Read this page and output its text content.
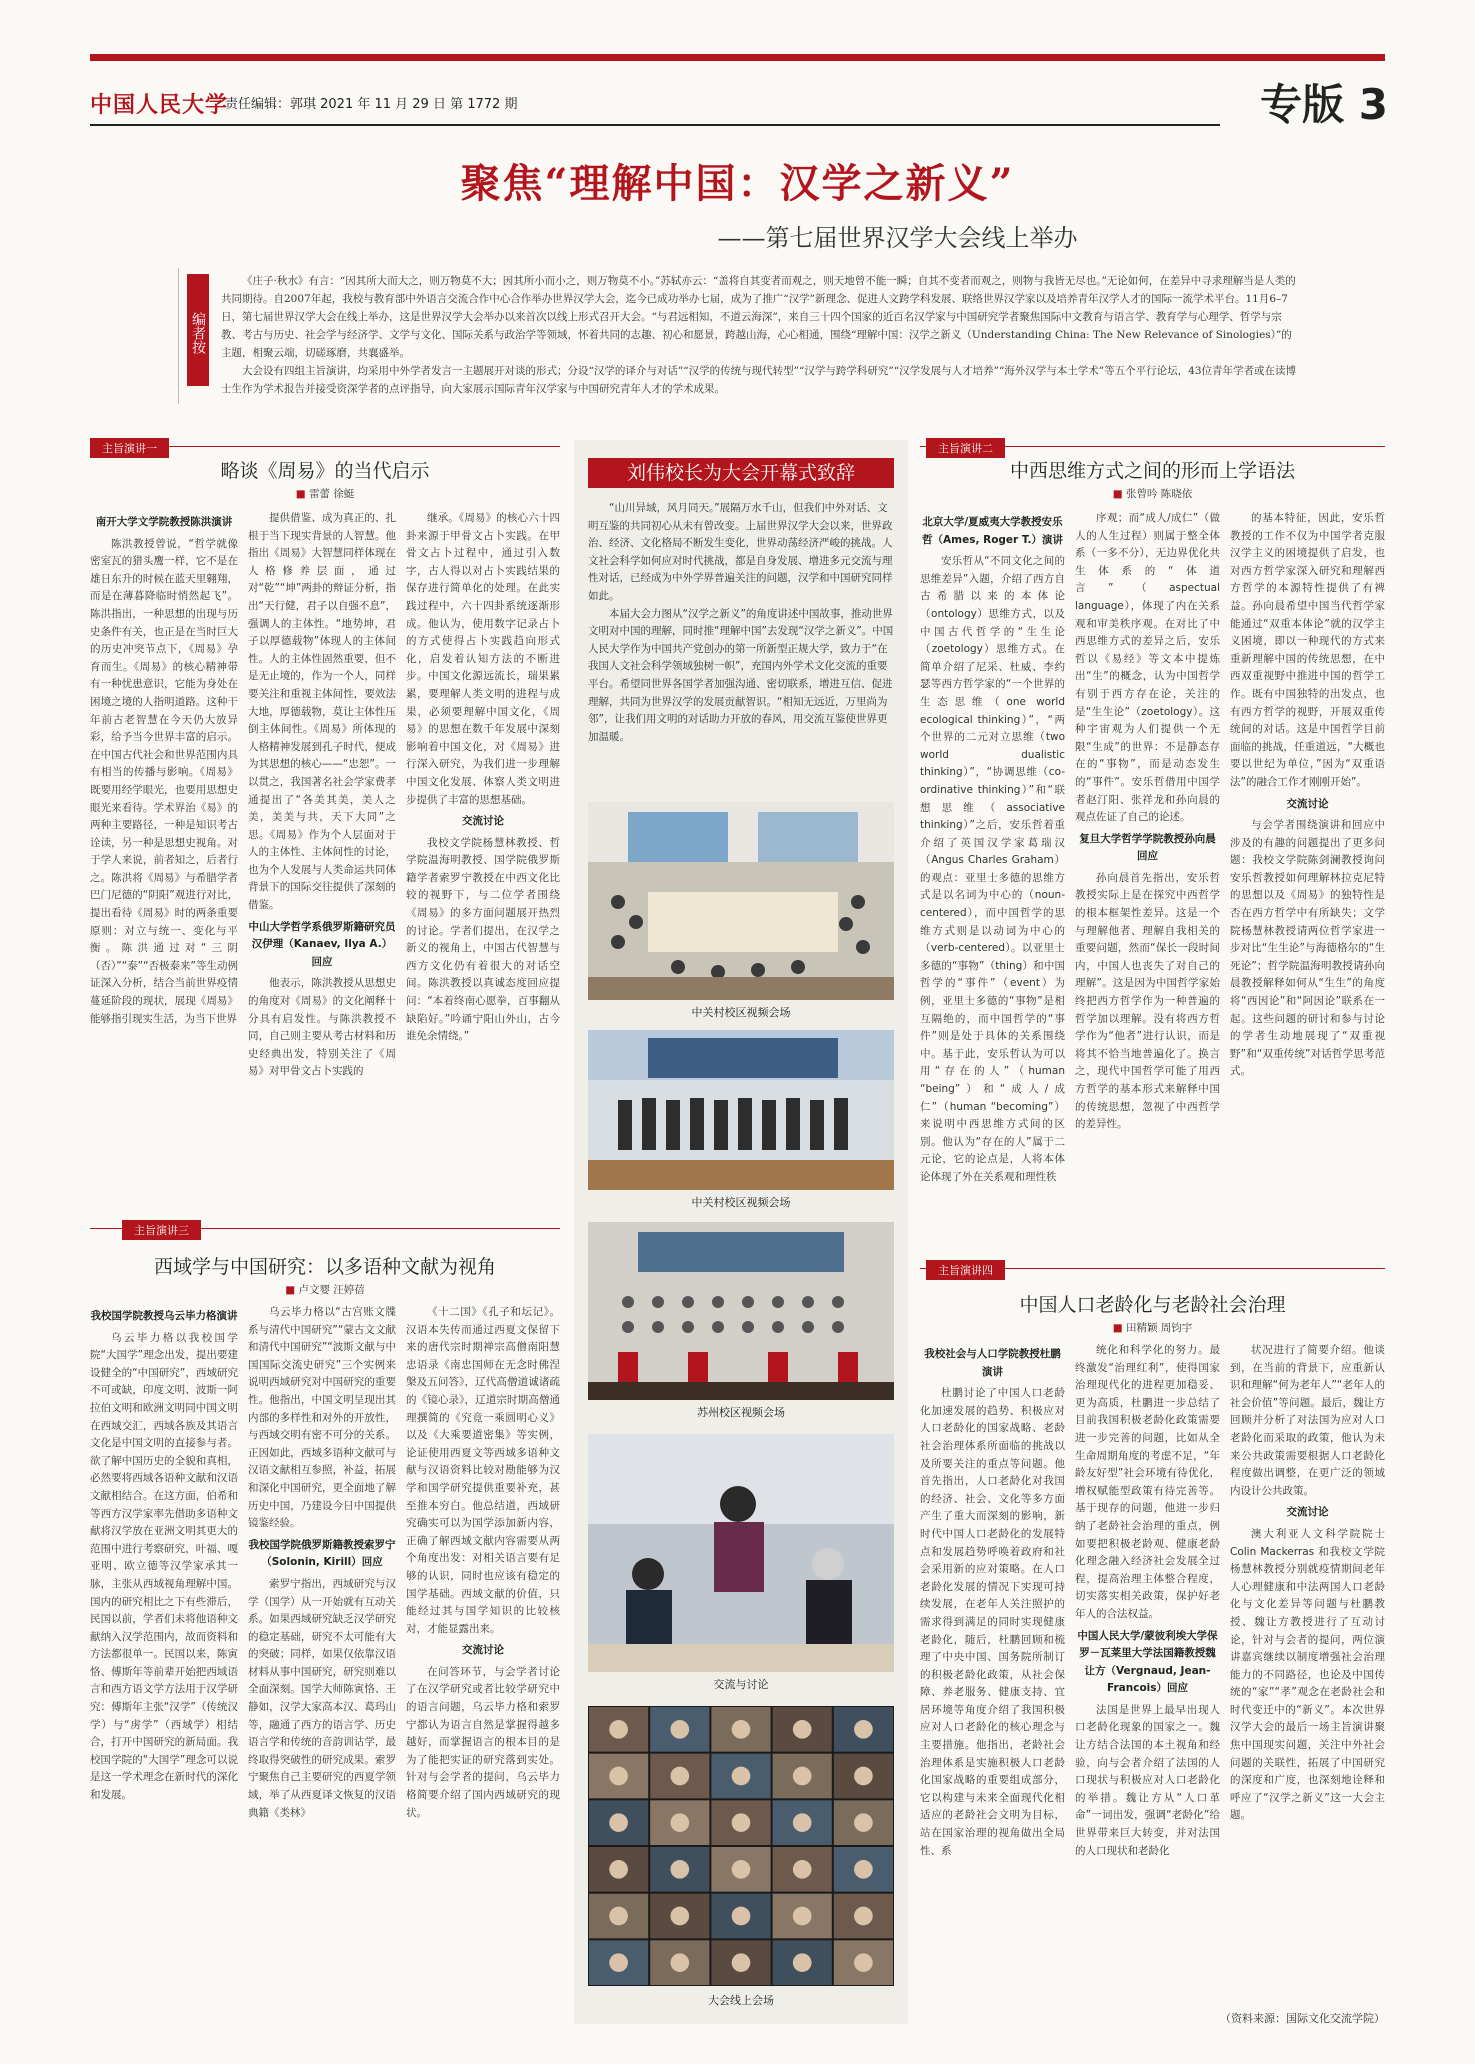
中国人民大学
责任编辑：郭琪 2021 年 11 月 29 日 第 1772 期	专版 3
聚焦“理解中国：汉学之新义”
——第七届世界汉学大会线上举办
编者按

《庄子·秋水》有言：“因其所大而大之，则万物莫不大；因其所小而小之，则万物莫不小。”苏轼亦云：“盖将自其变者而观之，则天地曾不能一瞬；自其不变者而观之，则物与我皆无尽也。”无论如何，在差异中寻求理解当是人类的共同期待。自2007年起，我校与教育部中外语言交流合作中心合作举办世界汉学大会，迄今已成功举办七届，成为了推广“汉学”新理念、促进人文跨学科发展、联络世界汉学家以及培养青年汉学人才的国际一流学术平台。11月6–7日，第七届世界汉学大会在线上举办，这是世界汉学大会举办以来首次以线上形式召开大会。“与君远相知，不道云海深”，来自三十四个国家的近百名汉学家与中国研究学者聚焦国际中文教育与语言学、教育学与心理学、哲学与宗教、考古与历史、社会学与经济学、文学与文化、国际关系与政治学等领域，怀着共同的志趣、初心和愿景，跨越山海，心心相通，围绕“理解中国：汉学之新义（Understanding China: The New Relevance of Sinologies）”的主题，相聚云端，切磋琢磨，共襄盛举。

大会设有四组主旨演讲，均采用中外学者发言一主题展开对谈的形式；分设“汉学的译介与对话”“汉学的传统与现代转型”“汉学与跨学科研究”“汉学发展与人才培养”“海外汉学与本土学术”等五个平行论坛，43位青年学者或在读博士生作为学术报告并接受资深学者的点评指导，向大家展示国际青年汉学家与中国研究青年人才的学术成果。

主旨演讲一
略谈《周易》的当代启示
■ 雷蕾 徐蜓
南开大学文学院教授陈洪演讲

陈洪教授曾说，“哲学就像密室瓦的猎头鹰一样，它不是在雄日东升的时候在蓝天里翱翔，而是在薄暮降临时悄然起飞”。陈洪指出，一种思想的出现与历史条件有关，也正是在当时巨大的历史冲突节点下，《周易》孕育而生。《周易》的核心精神带有一种忧患意识，它能为身处在困境之境的人指明道路。这种干年前古老智慧在今天仍大放异彩，给予当今世界丰富的启示。在中国古代社会和世界范围内具有相当的传播与影响。《周易》既要用经学眼光，也要用思想史眼光来看待。学术界治《易》的两种主要路径，一种是知识考古诠读，另一种是思想史视角。对于学人来说，前者知之，后者行之。陈洪将《周易》与希腊学者巴门尼德的“阴阳”观进行对比，提出看待《周易》时的两条重要原则：对立与统一、变化与平衡。陈洪通过对“三阴（否）”“泰”“否极泰来”等生动例证深入分析，结合当前世界疫情蔓延阶段的现状，展现《周易》能够指引现实生活，为当下世界

提供借鉴、成为真正的、扎根于当下现实背景的人智慧。他指出《周易》大智慧同样体现在人格修养层面，通过对“乾”“坤”两卦的辩证分析，指出“天行健，君子以自强不息”，强调人的主体性。“地势坤，君子以厚德载物”体现人的主体间性。人的主体性固然重要，但不是无止境的，作为一个人，同样要关注和重视主体间性，要效法大地，厚德载物，莫让主体性压倒主体间性。《周易》所体现的人格精神发展到孔子时代，便成为其思想的核心——“忠恕”。一以贯之，我国著名社会学家费孝通提出了“各美其美，美人之美，美美与共，天下大同”之思。《周易》作为个人层面对于人的主体性、主体间性的讨论，也为个人发展与人类命运共同体背景下的国际交往提供了深刻的借鉴。

中山大学哲学系俄罗斯籍研究员汉伊理（Kanaev, Ilya A.）回应

他表示，陈洪教授从思想史的角度对《周易》的文化阐释十分具有启发性。与陈洪教授不同，自己则主要从考古材料和历史经典出发，特别关注了《周易》对甲骨文占卜实践的

继承。《周易》的核心六十四卦来源于甲骨文占卜实践。在甲骨文占卜过程中，通过引入数字，古人得以对占卜实践结果的保存进行简单化的处理。在此实践过程中，六十四卦系统逐渐形成。他认为，使用数字记录占卜的方式使得占卜实践趋向形式化，启发着认知方法的不断进步。中国文化源远流长，瑞果累累，要理解人类文明的进程与成果，必须要理解中国文化，《周易》的思想在数千年发展中深刻影响着中国文化，对《周易》进行深入研究，为我们进一步理解中国文化发展、体察人类文明进步提供了丰富的思想基础。

交流讨论

我校文学院杨慧林教授、哲学院温海明教授、国学院俄罗斯籍学者索罗宁教授在中西文化比较的视野下，与二位学者围绕《周易》的多方面问题展开热烈的讨论。学者们提出，在汉学之新义的视角上，中国古代智慧与西方文化仍有着很大的对话空间。陈洪教授以真诚态度回应提问：“本着终南心愿拳，百事翻从缺陷好。”吟诵宁阳山外山，古今谁免余情绕。”

主旨演讲三
西域学与中国研究：以多语种文献为视角
■ 卢文婴 汪婷蓓
我校国学院教授乌云毕力格演讲

乌云毕力格以我校国学院“大国学”理念出发，提出要建设健全的“中国研究”，西域研究不可或缺，印度文明、波斯一阿拉伯文明和欧洲文明同中国文明在西域交汇，西域各族及其语言文化是中国文明的直接参与者。欲了解中国历史的全貌和真相，必然要将西域各语种文献和汉语文献相结合。在这方面，伯希和等西方汉学家率先借助多语种文献将汉学放在亚洲文明其更大的范围中进行考察研究，叶福、嘎亚明、欧立德等汉学家承其一脉，主张从西域视角理解中国。国内的研究相比之下有些滞后，民国以前，学者们未将他语种文献纳入汉学范围内，故而资料和方法都很单一。民国以来，陈寅恪、傅斯年等前辈开始把西域语言和西方语文学方法用于汉学研究：傅斯年主张“汉学”（传统汉学）与“虏学”（西域学）相结合，打开中国研究的新局面。我校国学院的“大国学”理念可以说是这一学术理念在新时代的深化和发展。

乌云毕力格以“古宫账文牒系与清代中国研究”“蒙古文文献和清代中国研究”“波斯文献与中国国际交流史研究”三个实例来说明西域研究对中国研究的重要性。他指出，中国文明呈现出其内部的多样性和对外的开放性，与西域交明有密不可分的关系。正因如此，西域多语种文献可与汉语文献相互参照，补益，拓展和深化中国研究，更全面地了解历史中国，乃建设今日中国提供镜鉴经验。

我校国学院俄罗斯籍教授索罗宁（Solonin, Kirill）回应

索罗宁指出，西域研究与汉学（国学）从一开始就有互动关系。如果西域研究缺乏汉学研究的稳定基础，研究不太可能有大的突破；同样，如果仅依靠汉语材料从事中国研究，研究则难以全面深刻。国学大师陈寅恪、王静如，汉学大家高本汉、葛玛山等，融通了西方的语言学、历史语言学和传统的音韵训诂学，最终取得突破性的研究成果。索罗宁聚焦自己主要研究的西夏学领域，举了从西夏译文恢复的汉语典籍《类林》

《十二国》《孔子和坛记》。汉语本失传而通过西夏文保留下来的唐代宗时期禅宗高僧南阳慧忠语录《南忠国师在无念时佛涅槃及五问答》，辽代高僧道诚诸疏的《镜心录》，辽道宗时期高僧通理撰简的《究竟一乘圆明心义》以及《大乘要道密集》等实例，论证使用西夏文等西域多语种文献与汉语资料比较对勘能够为汉学和国学研究提供重要补充，甚至推本穷白。他总结道，西域研究确实可以为国学添加新内容，正确了解西域文献内容需要从两个角度出发：对相关语言要有足够的认识，同时也应该有稳定的国学基础。西域文献的价值，只能经过其与国学知识的比较核对，才能显露出来。

交流讨论

在问答环节，与会学者讨论了在汉学研究或者比较学研究中的语言问题，乌云毕力格和索罗宁都认为语言自然是掌握得越多越好，而掌握语言的根本目的是为了能把实证的研究落到实处。针对与会学者的提问，乌云毕力格简要介绍了国内西域研究的现状。

刘伟校长为大会开幕式致辞

“山川异域，风月同天。”展隔万水千山，但我们中外对话、文明互鉴的共同初心从未有曾改变。上届世界汉学大会以来，世界政治、经济、文化格局不断发生变化，世界动荡经济严峻的挑战。人文社会科学如何应对时代挑战，都是自身发展、增进多元交流与理性对话，已经成为中外学界普遍关注的问题，汉学和中国研究同样如此。

本届大会力图从“汉学之新义”的角度讲述中国故事，推动世界文明对中国的理解，同时推“理解中国”去发现“汉学之新义”。中国人民大学作为中国共产党创办的第一所新型正规大学，致力于“在我国人文社会科学领域独树一帜”，充国内外学术文化交流的重要平台。希望同世界各国学者加强沟通、密切联系，增进互信、促进理解，共同为世界汉学的发展贡献智识。“相知无远近，万里尚为邻”，让我们用文明的对话助力开放的春风，用交流互鉴使世界更加温暖。

中关村校区视频会场
中关村校区视频会场
苏州校区视频会场
交流与讨论
大会线上会场
主旨演讲二
中西思维方式之间的形而上学语法
■ 张曾吟 陈晓依
北京大学/夏威夷大学教授安乐哲（Ames, Roger T.）演讲

安乐哲从“不同文化之间的思维差异”入题，介绍了西方自古希腊以来的本体论（ontology）思维方式，以及中国古代哲学的“生生论（zoetology）思维方式。在简单介绍了尼采、杜威、李约瑟等西方哲学家的“一个世界的生态思维（one world ecological thinking）”，“两个世界的二元对立思维（two world dualistic thinking）”，“协调思维（co-ordinative thinking）”和“联想思维（associative thinking）”之后，安乐哲着重介绍了英国汉学家葛瑞汉（Angus Charles Graham）的观点：亚里士多德的思维方式是以名词为中心的（noun-centered），而中国哲学的思维方式则是以动词为中心的（verb-centered）。以亚里士多德的“事物”（thing）和中国哲学的“事件”（event）为例，亚里士多德的“事物”是相互隔绝的，而中国哲学的“事件”则是处于具体的关系围绕中。基于此，安乐哲认为可以用“存在的人”（human “being”）和“成人/成仁”（human “becoming”）来说明中西思维方式间的区别。他认为“存在的人”属于二元论，它的论点是，人将本体论体现了外在关系观和理性秩

序观；而“成人/成仁”（做人的人生过程）则属于整全体系（一多不分），无边界优化共生体系的“体道言”（aspectual language），体现了内在关系观和审美秩序观。在对比了中西思维方式的差异之后，安乐哲以《易经》等文本中提炼出“生”的概念，认为中国哲学有别于西方存在论，关注的是“生生论”（zoetology）。这种宇宙观为人们提供一个无限“生成”的世界：不是静态存在的“事物”，而是动态发生的“事件”。安乐哲借用中国学者赵汀阳、张祥龙和孙向晨的观点佐证了自己的论述。

复旦大学哲学学院教授孙向晨回应

孙向晨首先指出，安乐哲教授实际上是在探究中西哲学的根本框架性差异。这是一个与理解他者、理解自我相关的重要问题，然而“保长一段时间内，中国人也丧失了对自己的理解”。这是因为中国哲学家始终把西方哲学作为一种普遍的哲学加以理解。没有将西方哲学作为“他者”进行认识，而是将其不恰当地普遍化了。换言之，现代中国哲学可能了用西方哲学的基本形式来解释中国的传统思想，忽视了中西哲学的差异性。

的基本特征，因此，安乐哲教授的工作不仅为中国学者克服汉学主义的困境提供了启发，也对西方哲学家深入研究和理解西方哲学的本源特性提供了有裨益。孙向晨希望中国当代哲学家能通过“双重本体论”就的汉学主义困境，即以一种现代的方式来重新理解中国的传统思想，在中西双重视野中推进中国的哲学工作。既有中国独特的出发点，也有西方哲学的视野，开展双重传统间的对话。这是中国哲学目前面临的挑战，任重道远，“大概也要以世纪为单位，”因为“双重语法”的融合工作才刚刚开始”。

交流讨论

与会学者围绕演讲和回应中涉及的有趣的问题提出了更多问题：我校文学院陈剑澜教授询问安乐哲教授如何理解林拉克尼特的思想以及《周易》的独特性是否在西方哲学中有所缺失；文学院杨慧林教授请两位哲学家进一步对比“生生论”与海德格尔的“生死论”；哲学院温海明教授请孙向晨教授解释如何从“生生”的角度将“西因论”和“阿因论”联系在一起。这些问题的研讨和参与讨论的学者生动地展现了“双重视野”和“双重传统”对话哲学思考范式。

主旨演讲四
中国人口老龄化与老龄社会治理
■ 田精颖 周钧宇
我校社会与人口学院教授杜鹏演讲

杜鹏讨论了中国人口老龄化加速发展的趋势、积极应对人口老龄化的国家战略、老龄社会治理体系所面临的挑战以及所要关注的重点等问题。他首先指出，人口老龄化对我国的经济、社会、文化等多方面产生了重大而深刻的影响，新时代中国人口老龄化的发展特点和发展趋势呼唤着政府和社会采用新的应对策略。在人口老龄化发展的情况下实现可持续发展，在老年人关注照护的需求得到满足的同时实现健康老龄化，随后，杜鹏回顾和梳理了中央中国、国务院所制订的积极老龄化政策，从社会保障、养老服务、健康支持、宜居环境等角度介绍了我国积极应对人口老龄化的核心理念与主要措施。他指出，老龄社会治理体系是实施积极人口老龄化国家战略的重要组成部分，它以构建与未来全面现代化相适应的老龄社会文明为目标，站在国家治理的视角做出全局性、系

统化和科学化的努力。最终激发“治理红利”，使得国家治理现代化的进程更加稳妥、更为高质，杜鹏进一步总结了目前我国积极老龄化政策需要进一步完善的问题，比如从全生命周期角度的考虑不足，“年龄友好型”社会环境有待优化，增权赋能型政策有待完善等。基于现存的问题，他进一步归纳了老龄社会治理的重点，例如要把积极老龄观、健康老龄化理念融入经济社会发展全过程，提高治理主体整合程度，切实落实相关政策，保护好老年人的合法权益。

中国人民大学/蒙彼利埃大学保罗－瓦莱里大学法国籍教授魏让方（Vergnaud, Jean-Francois）回应

法国是世界上最早出现人口老龄化现象的国家之一。魏让方结合法国的本土视角和经验，向与会者介绍了法国的人口现状与积极应对人口老龄化的举措。魏让方从“人口革命”一词出发，强调“老龄化”给世界带来巨大转变，并对法国的人口现状和老龄化

状况进行了简要介绍。他谈到，在当前的背景下，应重新认识和理解“何为老年人”“老年人的社会价值”等问题。最后，魏让方回顾并分析了对法国为应对人口老龄化而采取的政策，他认为未来公共政策需要根据人口老龄化程度做出调整，在更广泛的领域内设计公共政策。

交流讨论

澳大利亚人文科学院院士 Colin Mackerras 和我校文学院杨慧林教授分别就疫情期间老年人心理健康和中法两国人口老龄化与文化差异等问题与杜鹏教授、魏让方教授进行了互动讨论，针对与会者的提问，两位演讲嘉宾继续以制度增强社会治理能力的不同路径，也论及中国传统的“家”“孝”观念在老龄社会和时代变迁中的“新义”。本次世界汉学大会的最后一场主旨演讲聚焦中国现实问题，关注中外社会问题的关联性，拓展了中国研究的深度和广度，也深刻地诠释和呼应了“汉学之新义”这一大会主题。

（资料来源：国际文化交流学院）
